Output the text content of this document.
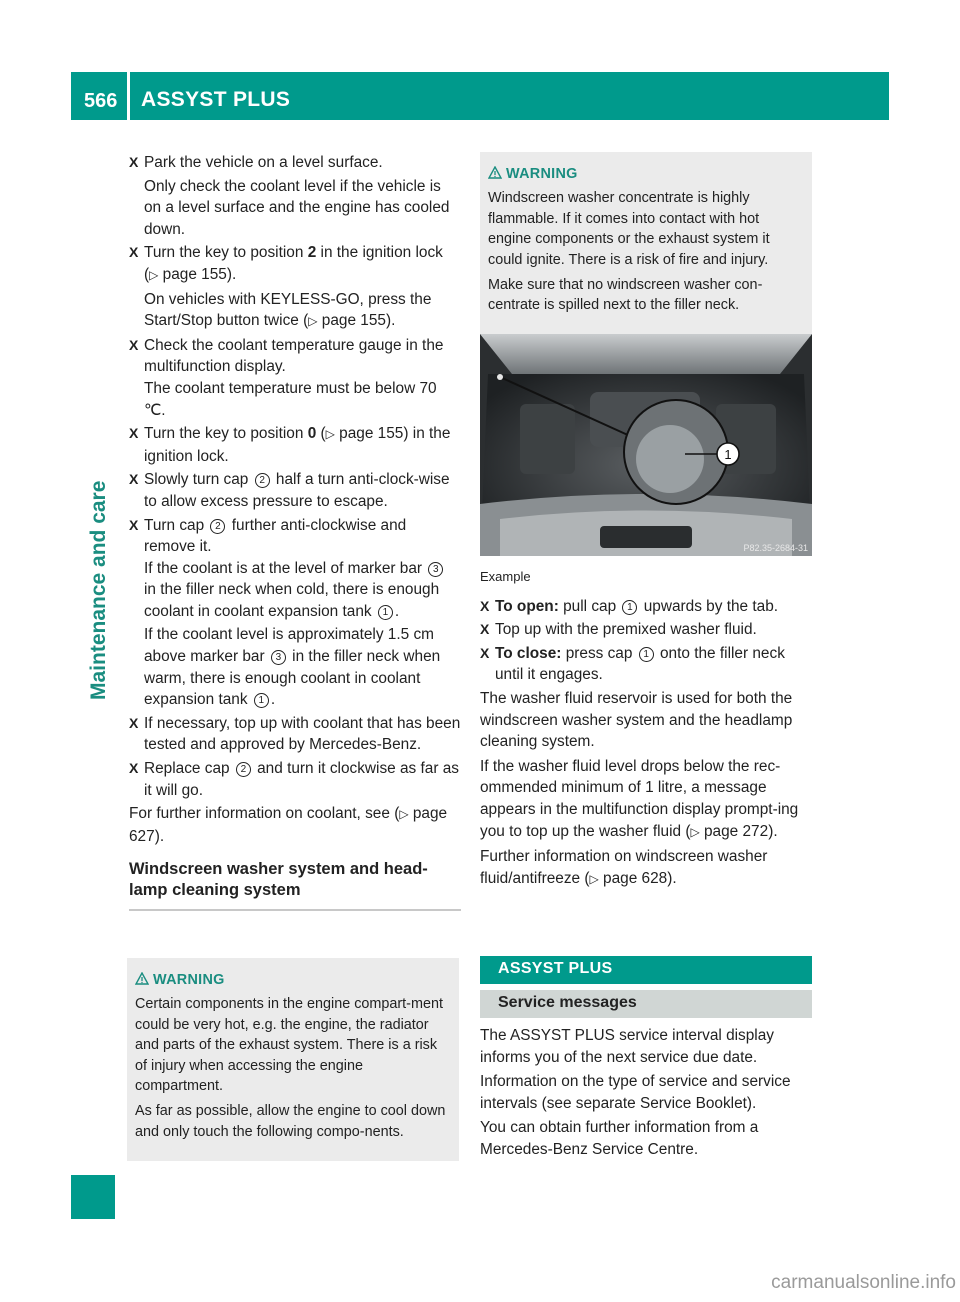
566 ASSYST PLUS
Maintenance and care
X Park the vehicle on a level surface.
Only check the coolant level if the vehicle is on a level surface and the engine has cooled down.
X Turn the key to position 2 in the ignition lock (▷ page 155).
On vehicles with KEYLESS-GO, press the Start/Stop button twice (▷ page 155).
X Check the coolant temperature gauge in the multifunction display.
The coolant temperature must be below 70 ℃.
X Turn the key to position 0 (▷ page 155) in the ignition lock.
X Slowly turn cap 2 half a turn anti-clock-wise to allow excess pressure to escape.
X Turn cap 2 further anti-clockwise and remove it.
If the coolant is at the level of marker bar 3 in the filler neck when cold, there is enough coolant in coolant expansion tank 1 .
If the coolant level is approximately 1.5 cm above marker bar 3 in the filler neck when warm, there is enough coolant in coolant expansion tank 1 .
X If necessary, top up with coolant that has been tested and approved by Mercedes-Benz.
X Replace cap 2 and turn it clockwise as far as it will go.
For further information on coolant, see (▷ page 627).
Windscreen washer system and head-lamp cleaning system
WARNING

Certain components in the engine compart-ment could be very hot, e.g. the engine, the radiator and parts of the exhaust system. There is a risk of injury when accessing the engine compartment.

As far as possible, allow the engine to cool down and only touch the following compo-nents.

WARNING

Windscreen washer concentrate is highly flammable. If it comes into contact with hot engine components or the exhaust system it could ignite. There is a risk of fire and injury.

Make sure that no windscreen washer con-centrate is spilled next to the filler neck.

1
P82.35-2684-31
Example
X To open: pull cap 1 upwards by the tab.
X Top up with the premixed washer fluid.
X To close: press cap 1 onto the filler neck until it engages.

The washer fluid reservoir is used for both the windscreen washer system and the headlamp cleaning system.

If the washer fluid level drops below the rec-ommended minimum of 1 litre, a message appears in the multifunction display prompt-ing you to top up the washer fluid (▷ page 272).

Further information on windscreen washer fluid/antifreeze (▷ page 628).

ASSYST PLUS
Service messages

The ASSYST PLUS service interval display informs you of the next service due date.

Information on the type of service and service intervals (see separate Service Booklet).

You can obtain further information from a Mercedes-Benz Service Centre.

carmanualsonline.info
